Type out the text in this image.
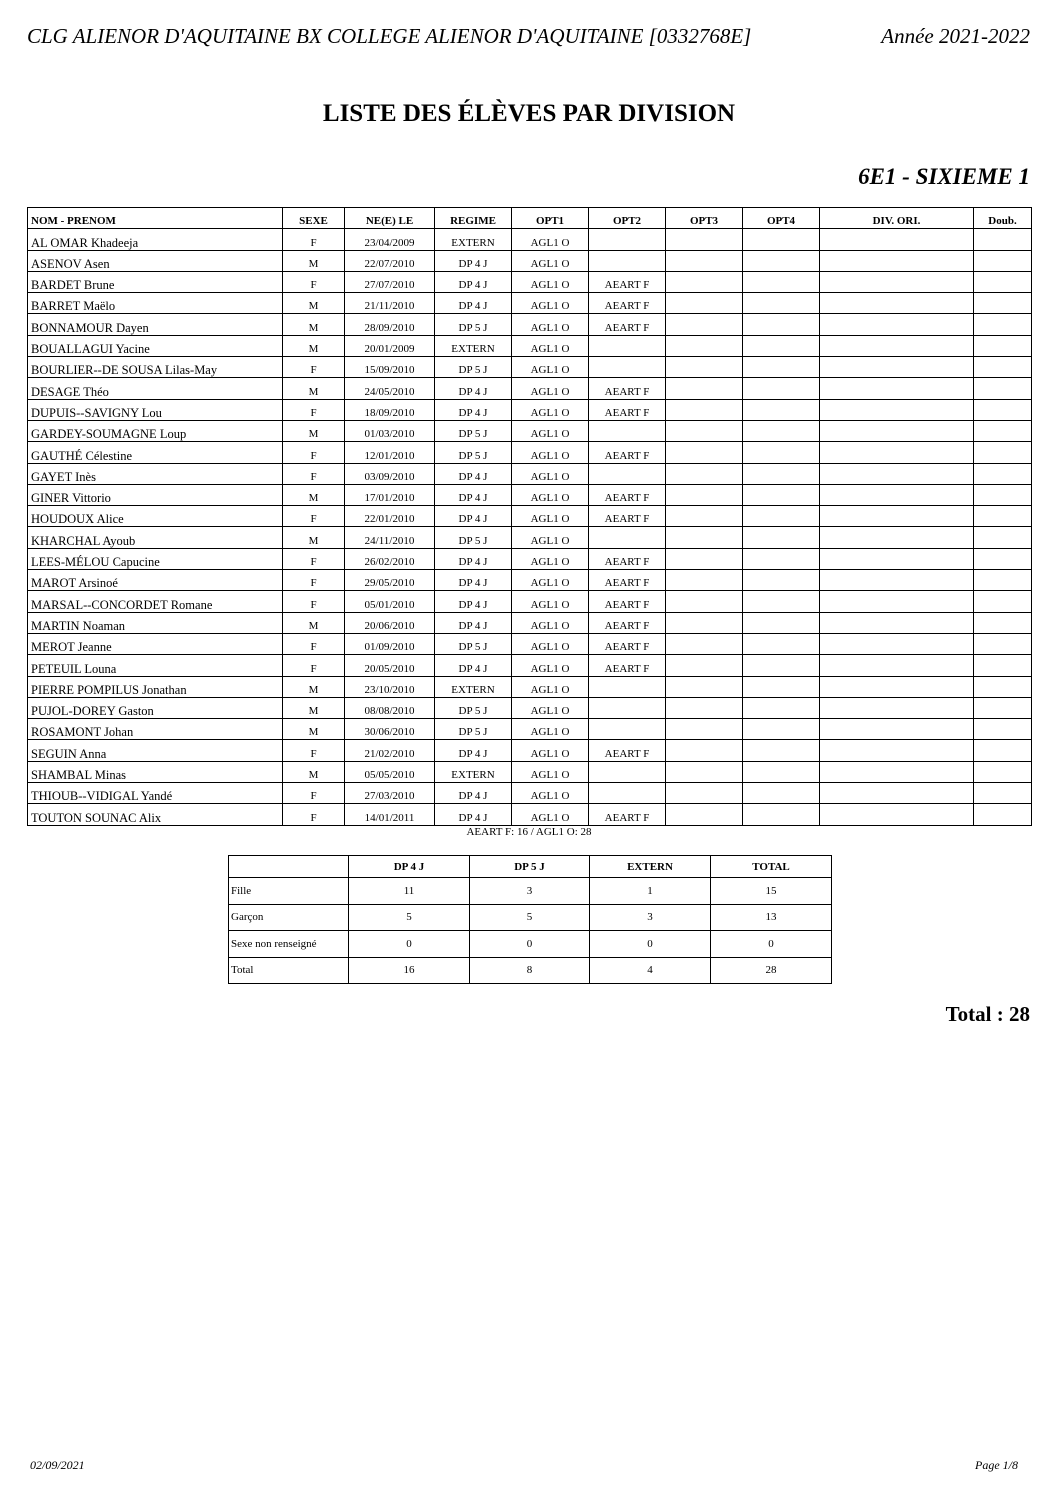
CLG ALIENOR D'AQUITAINE BX COLLEGE ALIENOR D'AQUITAINE [0332768E]	Année 2021-2022
LISTE DES ÉLÈVES PAR DIVISION
6E1 - SIXIEME 1
NOM - PRENOM	SEXE	NE(E) LE	REGIME	OPT1	OPT2	OPT3	OPT4	DIV. ORI.	Doub.
AL OMAR Khadeeja	F	23/04/2009	EXTERN	AGL1 O					
ASENOV Asen	M	22/07/2010	DP 4 J	AGL1 O					
BARDET Brune	F	27/07/2010	DP 4 J	AGL1 O	AEART F				
BARRET Maëlo	M	21/11/2010	DP 4 J	AGL1 O	AEART F				
BONNAMOUR Dayen	M	28/09/2010	DP 5 J	AGL1 O	AEART F				
BOUALLAGUI Yacine	M	20/01/2009	EXTERN	AGL1 O					
BOURLIER--DE SOUSA Lilas-May	F	15/09/2010	DP 5 J	AGL1 O					
DESAGE Théo	M	24/05/2010	DP 4 J	AGL1 O	AEART F				
DUPUIS--SAVIGNY Lou	F	18/09/2010	DP 4 J	AGL1 O	AEART F				
GARDEY-SOUMAGNE Loup	M	01/03/2010	DP 5 J	AGL1 O					
GAUTHÉ Célestine	F	12/01/2010	DP 5 J	AGL1 O	AEART F				
GAYET Inès	F	03/09/2010	DP 4 J	AGL1 O					
GINER Vittorio	M	17/01/2010	DP 4 J	AGL1 O	AEART F				
HOUDOUX Alice	F	22/01/2010	DP 4 J	AGL1 O	AEART F				
KHARCHAL Ayoub	M	24/11/2010	DP 5 J	AGL1 O					
LEES-MÉLOU Capucine	F	26/02/2010	DP 4 J	AGL1 O	AEART F				
MAROT Arsinoé	F	29/05/2010	DP 4 J	AGL1 O	AEART F				
MARSAL--CONCORDET Romane	F	05/01/2010	DP 4 J	AGL1 O	AEART F				
MARTIN Noaman	M	20/06/2010	DP 4 J	AGL1 O	AEART F				
MEROT Jeanne	F	01/09/2010	DP 5 J	AGL1 O	AEART F				
PETEUIL Louna	F	20/05/2010	DP 4 J	AGL1 O	AEART F				
PIERRE POMPILUS Jonathan	M	23/10/2010	EXTERN	AGL1 O					
PUJOL-DOREY Gaston	M	08/08/2010	DP 5 J	AGL1 O					
ROSAMONT Johan	M	30/06/2010	DP 5 J	AGL1 O					
SEGUIN Anna	F	21/02/2010	DP 4 J	AGL1 O	AEART F				
SHAMBAL Minas	M	05/05/2010	EXTERN	AGL1 O					
THIOUB--VIDIGAL Yandé	F	27/03/2010	DP 4 J	AGL1 O					
TOUTON SOUNAC Alix	F	14/01/2011	DP 4 J	AGL1 O	AEART F				
AEART F: 16 / AGL1 O: 28
	DP 4 J	DP 5 J	EXTERN	TOTAL
Fille	11	3	1	15
Garçon	5	5	3	13
Sexe non renseigné	0	0	0	0
Total	16	8	4	28
Total : 28
02/09/2021	Page 1/8
